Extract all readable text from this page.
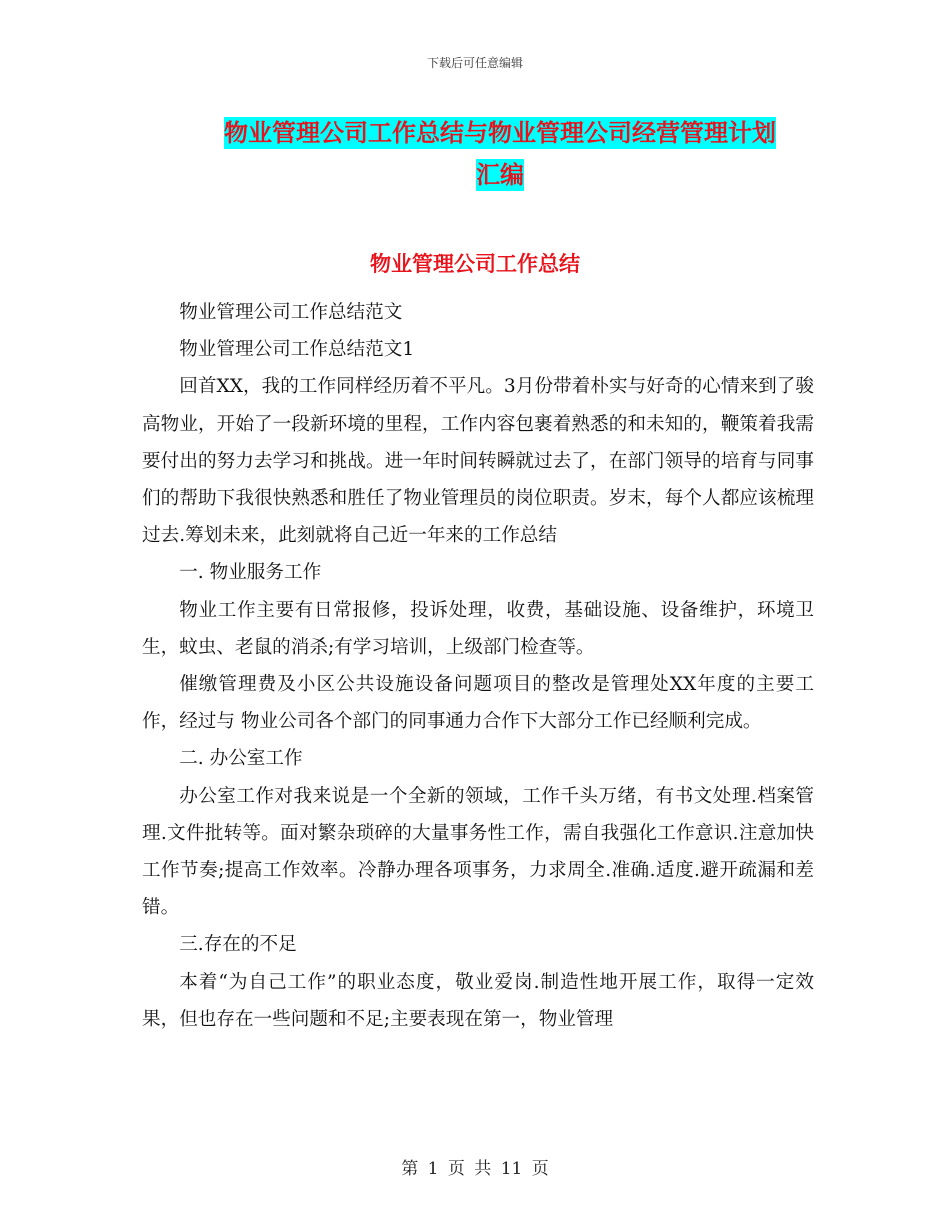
下载后可任意编辑
物业管理公司工作总结与物业管理公司经营管理计划
汇编
物业管理公司工作总结

物业管理公司工作总结范文

物业管理公司工作总结范文1

回首XX，我的工作同样经历着不平凡。3月份带着朴实与好奇的心情来到了骏高物业，开始了一段新环境的里程，工作内容包裹着熟悉的和未知的，鞭策着我需要付出的努力去学习和挑战。进一年时间转瞬就过去了，在部门领导的培育与同事们的帮助下我很快熟悉和胜任了物业管理员的岗位职责。岁末，每个人都应该梳理过去.筹划未来，此刻就将自己近一年来的工作总结

一. 物业服务工作

物业工作主要有日常报修，投诉处理，收费，基础设施、设备维护，环境卫生，蚊虫、老鼠的消杀;有学习培训，上级部门检查等。

催缴管理费及小区公共设施设备问题项目的整改是管理处XX年度的主要工作，经过与 物业公司各个部门的同事通力合作下大部分工作已经顺利完成。

二. 办公室工作

办公室工作对我来说是一个全新的领域，工作千头万绪，有书文处理.档案管理.文件批转等。面对繁杂琐碎的大量事务性工作，需自我强化工作意识.注意加快工作节奏;提高工作效率。冷静办理各项事务，力求周全.准确.适度.避开疏漏和差错。

三.存在的不足

本着“为自己工作”的职业态度，敬业爱岗.制造性地开展工作，取得一定效果，但也存在一些问题和不足;主要表现在第一，物业管理

第 1 页 共 11 页
